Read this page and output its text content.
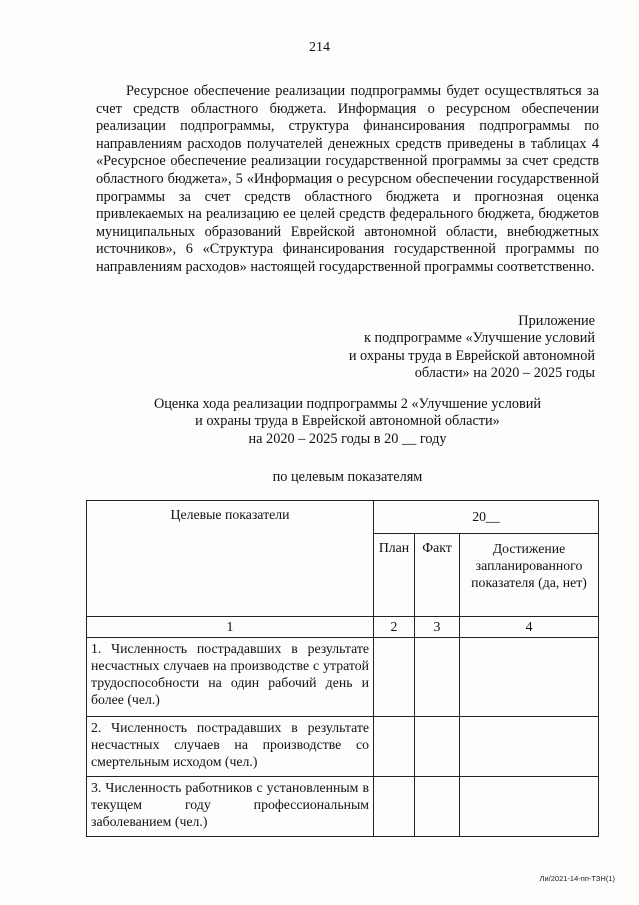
214

Ресурсное обеспечение реализации подпрограммы будет осуществляться за счет средств областного бюджета. Информация о ресурсном обеспечении реализации подпрограммы, структура финансирования подпрограммы по направлениям расходов получателей денежных средств приведены в таблицах 4 «Ресурсное обеспечение реализации государственной программы за счет средств областного бюджета», 5 «Информация о ресурсном обеспечении государственной программы за счет средств областного бюджета и прогнозная оценка привлекаемых на реализацию ее целей средств федерального бюджета, бюджетов муниципальных образований Еврейской автономной области, внебюджетных источников», 6 «Структура финансирования государственной программы по направлениям расходов» настоящей государственной программы соответственно.

Приложение
к подпрограмме «Улучшение условий
и охраны труда в Еврейской автономной
области» на 2020 – 2025 годы
Оценка хода реализации подпрограммы 2 «Улучшение условий
и охраны труда в Еврейской автономной области»
на 2020 – 2025 годы в 20 __ году
по целевым показателям
Целевые показатели	20__		
	План	Факт	Достижение запланированного показателя (да, нет)
1	2	3	4
1. Численность пострадавших в результате несчастных случаев на производстве с утратой трудоспособности на один рабочий день и более (чел.)			
2. Численность пострадавших в результате несчастных случаев на производстве со смертельным исходом (чел.)			
3. Численность работников с установленным в текущем году профессиональным заболеванием (чел.)			
Ли/2021-14-пп-ТЗН(1)
